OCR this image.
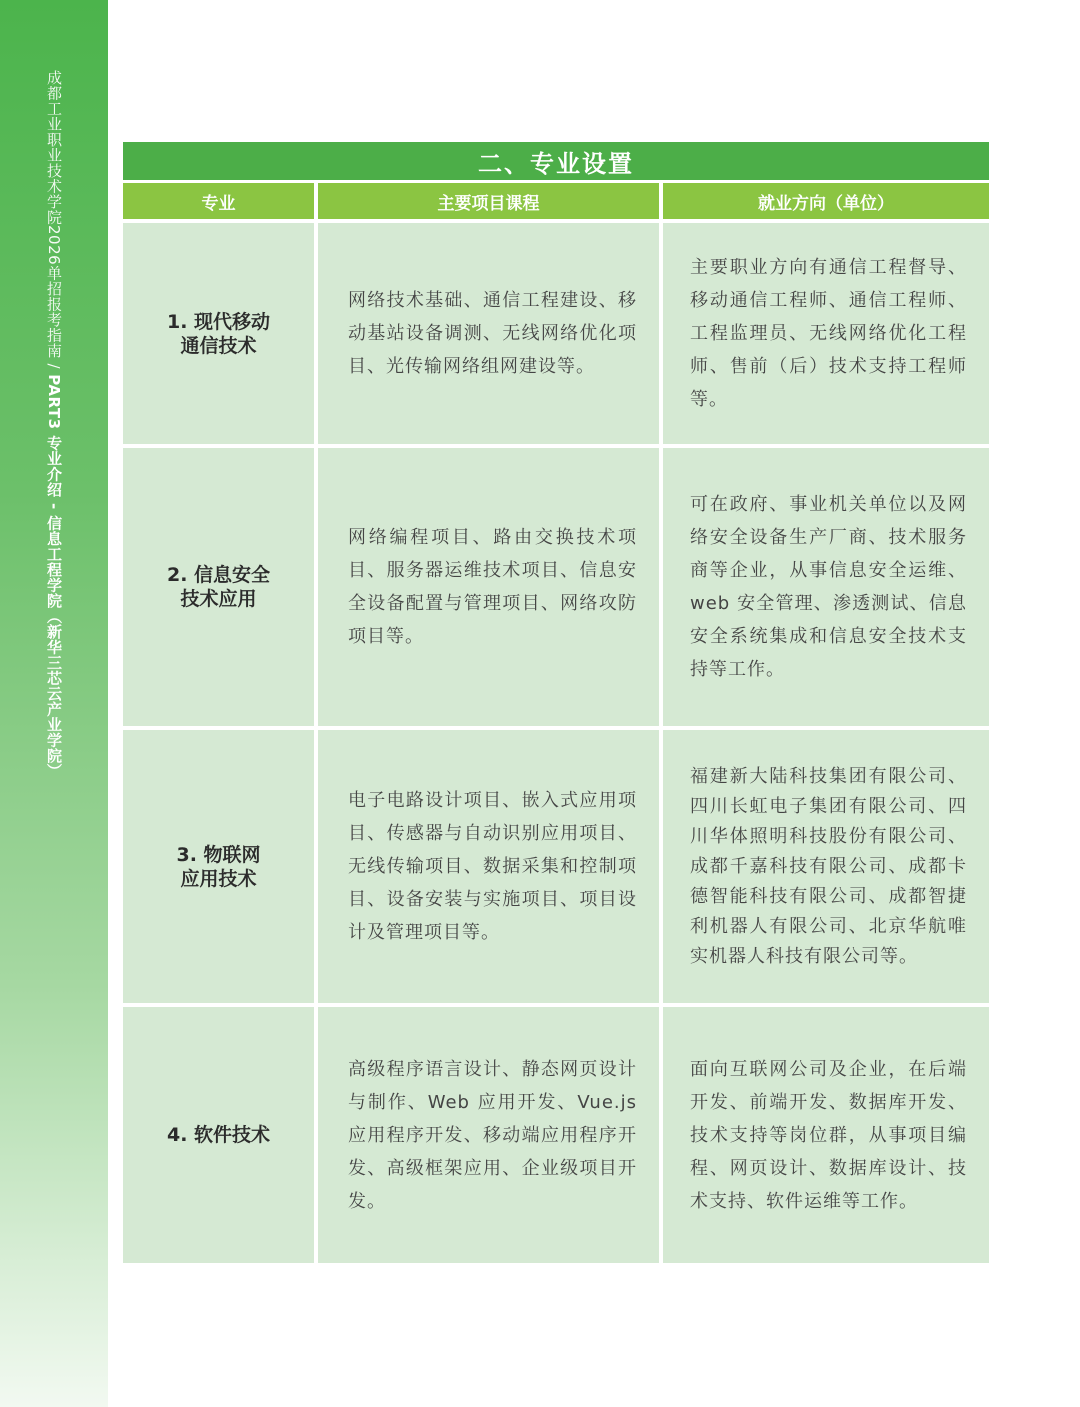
成都工业职业技术学院2026单招报考指南 / PART3 专业介绍 - 信息工程学院（新华三芯云产业学院）
二、专业设置
专业	主要项目课程	就业方向（单位）
1. 现代移动
通信技术
网络技术基础、通信工程建设、移动基站设备调测、无线网络优化项目、光传输网络组网建设等。
主要职业方向有通信工程督导、移动通信工程师、通信工程师、工程监理员、无线网络优化工程师、售前（后）技术支持工程师等。
2. 信息安全
技术应用
网络编程项目、路由交换技术项目、服务器运维技术项目、信息安全设备配置与管理项目、网络攻防项目等。
可在政府、事业机关单位以及网络安全设备生产厂商、技术服务商等企业，从事信息安全运维、web 安全管理、渗透测试、信息安全系统集成和信息安全技术支持等工作。
3. 物联网
应用技术
电子电路设计项目、嵌入式应用项目、传感器与自动识别应用项目、无线传输项目、数据采集和控制项目、设备安装与实施项目、项目设计及管理项目等。
福建新大陆科技集团有限公司、四川长虹电子集团有限公司、四川华体照明科技股份有限公司、成都千嘉科技有限公司、成都卡德智能科技有限公司、成都智捷利机器人有限公司、北京华航唯实机器人科技有限公司等。
4. 软件技术
高级程序语言设计、静态网页设计与制作、Web 应用开发、Vue.js 应用程序开发、移动端应用程序开发、高级框架应用、企业级项目开发。
面向互联网公司及企业，在后端开发、前端开发、数据库开发、技术支持等岗位群，从事项目编程、网页设计、数据库设计、技术支持、软件运维等工作。
